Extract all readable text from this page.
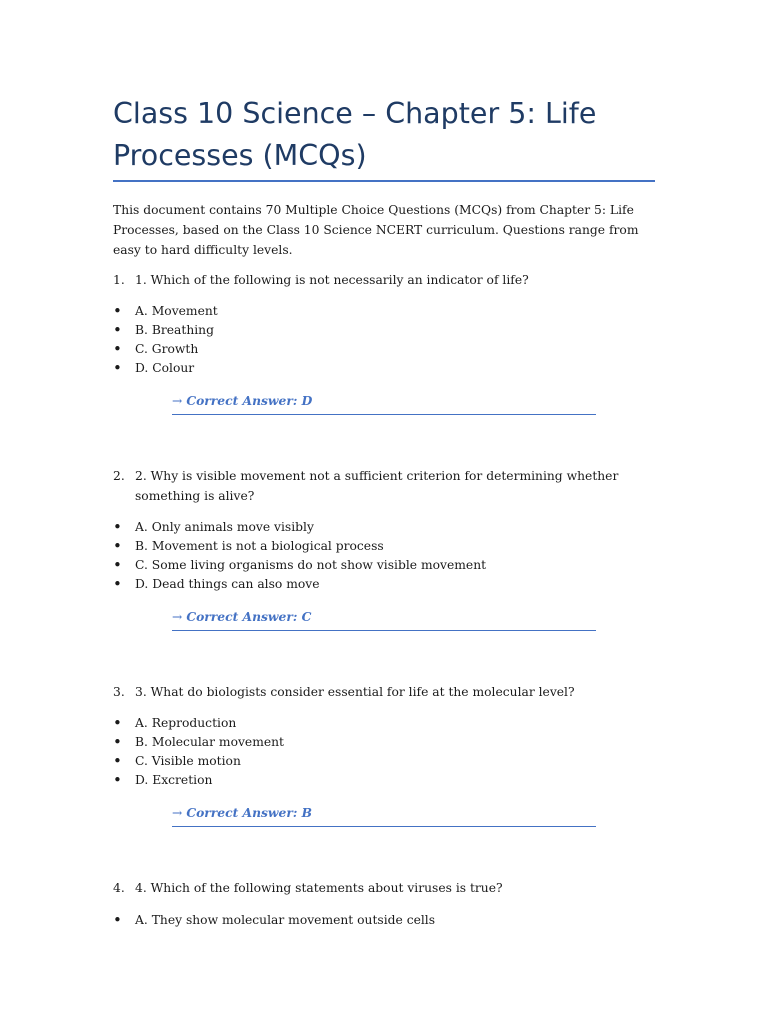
Class 10 Science – Chapter 5: Life Processes (MCQs)

This document contains 70 Multiple Choice Questions (MCQs) from Chapter 5: Life Processes, based on the Class 10 Science NCERT curriculum. Questions range from easy to hard difficulty levels.

1. 1. Which of the following is not necessarily an indicator of life?
• A. Movement
• B. Breathing
• C. Growth
• D. Colour
→ Correct Answer: D
2. 2. Why is visible movement not a sufficient criterion for determining whether something is alive?
• A. Only animals move visibly
• B. Movement is not a biological process
• C. Some living organisms do not show visible movement
• D. Dead things can also move
→ Correct Answer: C
3. 3. What do biologists consider essential for life at the molecular level?
• A. Reproduction
• B. Molecular movement
• C. Visible motion
• D. Excretion
→ Correct Answer: B
4. 4. Which of the following statements about viruses is true?
• A. They show molecular movement outside cells
